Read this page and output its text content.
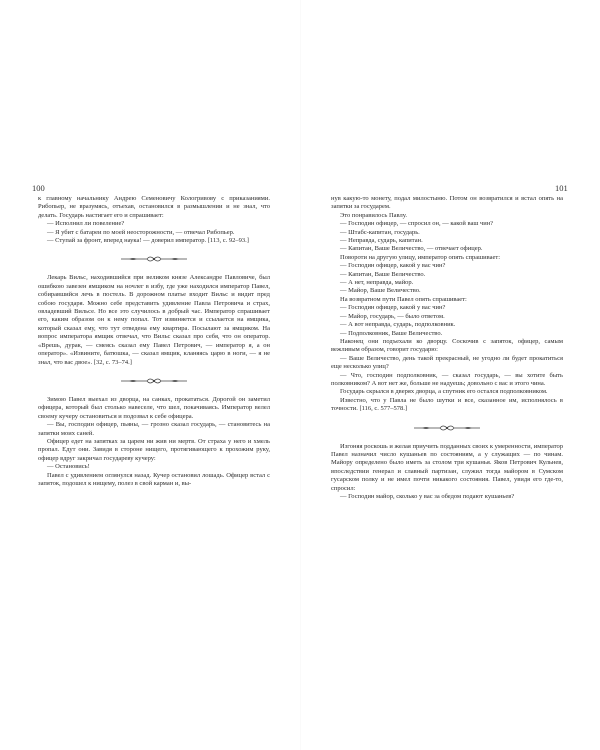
100

к главному начальнику Андрею Семеновичу Кологривову с приказаниями. Рибопьер, не вразумясь, отъехав, остановился в размышлении и не знал, что делать. Государь настигает его и спрашивает:

— Исполнил ли повеление?

— Я убит с батареи по моей неосторожности, — отвечал Рибопьер.

— Ступай за фронт, вперед наука! — доверил император. [113, с. 92–93.]

Лекарь Вильс, находившийся при великом князе Александре Павловиче, был ошибкою завезен ямщиком на ночлег в избу, где уже находился император Павел, собиравшийся лечь в постель. В дорожном платье входит Вильс и видит пред собою государя. Можно себе представить удивление Павла Петровича и страх, овладевший Вильсе. Но все это случилось в добрый час. Император спрашивает его, каким образом он к нему попал. Тот извиняется и ссылается на ямщика, который сказал ему, что тут отведена ему квартира. Посылают за ямщиком. На вопрос императора ямщик отвечал, что Вильс сказал про себя, что он оператор. «Врешь, дурак, — смеясь сказал ему Павел Петрович, — император я, а он оператор». «Извините, батюшка, — сказал ямщик, кланяясь царю в ноги, — я не знал, что вас двое». [32, с. 73–74.]

Зимою Павел выехал из дворца, на санках, прокататься. Дорогой он заметил офицера, который был столько навеселе, что шел, покачиваясь. Император велел своему кучеру остановиться и подозвал к себе офицера.

— Вы, господин офицер, пьяны, — грозно сказал государь, — становитесь на запятки моих саней.

Офицер едет на запятках за царем ни жив ни мертв. От страха у него и хмель пропал. Едут они. Завидя в стороне нищего, протягивающего к прохожим руку, офицер вдруг закричал государеву кучеру:

— Остановись!

Павел с удивлением оглянулся назад. Кучер остановил лошадь. Офицер встал с запяток, подошел к нищему, полез в свой карман и, вы-

101

нув какую-то монету, подал милостыню. Потом он возвратился и встал опять на запятки за государем.

Это понравилось Павлу.

— Господин офицер, — спросил он, — какой ваш чин?

— Штабс-капитан, государь.

— Неправда, сударь, капитан.

— Капитан, Ваше Величество, — отвечает офицер.

Повороти на другую улицу, император опять спрашивает:

— Господин офицер, какой у вас чин?

— Капитан, Ваше Величество.

— А нет, неправда, майор.

— Майор, Ваше Величество.

На возвратном пути Павел опять спрашивает:

— Господин офицер, какой у вас чин?

— Майор, государь, — было ответом.

— А вот неправда, сударь, подполковник.

— Подполковник, Ваше Величество.

Наконец они подъехали ко дворцу. Соскочив с запяток, офицер, самым вежливым образом, говорит государю:

— Ваше Величество, день такой прекрасный, не угодно ли будет прокатиться еще несколько улиц?

— Что, господин подполковник, — сказал государь, — вы хотите быть полковником? А вот нет же, больше не надуешь; довольно с вас и этого чина.

Государь скрылся в дверях дворца, а спутник его остался подполковником.

Известно, что у Павла не было шутки и все, сказанное им, исполнялось в точности. [116, с. 577–578.]

Изгоняя роскошь и желая приучить подданных своих к умеренности, император Павел назначил число кушаньев по состояниям, а у служащих — по чинам. Майору определено было иметь за столом три кушанья. Яков Петрович Кульнев, впоследствии генерал и славный партизан, служил тогда майором в Сумском гусарском полку и не имел почти никакого состояния. Павел, увидя его где-то, спросил:

— Господин майор, сколько у вас за обедом подают кушаньев?
